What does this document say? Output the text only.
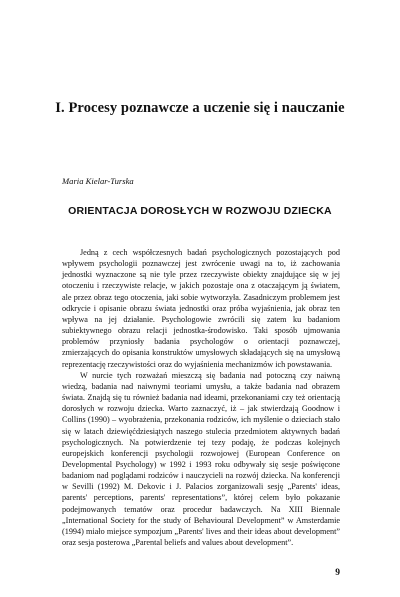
I. Procesy poznawcze a uczenie się i nauczanie
Maria Kielar-Turska
ORIENTACJA DOROSŁYCH W ROZWOJU DZIECKA

Jedną z cech współczesnych badań psychologicznych pozostających pod wpływem psychologii poznawczej jest zwrócenie uwagi na to, iż zachowania jednostki wyznaczone są nie tyle przez rzeczywiste obiekty znajdujące się w jej otoczeniu i rzeczywiste relacje, w jakich pozostaje ona z otaczającym ją światem, ale przez obraz tego otoczenia, jaki sobie wytworzyła. Zasadniczym problemem jest odkrycie i opisanie obrazu świata jednostki oraz próba wyjaśnienia, jak obraz ten wpływa na jej działanie. Psychologowie zwrócili się zatem ku badaniom subiektywnego obrazu relacji jednostka-środowisko. Taki sposób ujmowania problemów przyniosły badania psychologów o orientacji poznawczej, zmierzających do opisania konstruktów umysłowych składających się na umysłową reprezentację rzeczywistości oraz do wyjaśnienia mechanizmów ich powstawania.

W nurcie tych rozważań mieszczą się badania nad potoczną czy naiwną wiedzą, badania nad naiwnymi teoriami umysłu, a także badania nad obrazem świata. Znajdą się tu również badania nad ideami, przekonaniami czy też orientacją dorosłych w rozwoju dziecka. Warto zaznaczyć, iż – jak stwierdzają Goodnow i Collins (1990) – wyobrażenia, przekonania rodziców, ich myślenie o dzieciach stało się w latach dziewięćdziesiątych naszego stulecia przedmiotem aktywnych badań psychologicznych. Na potwierdzenie tej tezy podaję, że podczas kolejnych europejskich konferencji psychologii rozwojowej (European Conference on Developmental Psychology) w 1992 i 1993 roku odbywały się sesje poświęcone badaniom nad poglądami rodziców i nauczycieli na rozwój dziecka. Na konferencji w Sevilli (1992) M. Dekovic i J. Palacios zorganizowali sesję „Parents' ideas, parents' perceptions, parents' representations”, której celem było pokazanie podejmowanych tematów oraz procedur badawczych. Na XIII Biennale „International Society for the study of Behavioural Development” w Amsterdamie (1994) miało miejsce sympozjum „Parents' lives and their ideas about development” oraz sesja posterowa „Parental beliefs and values about development”.

9
